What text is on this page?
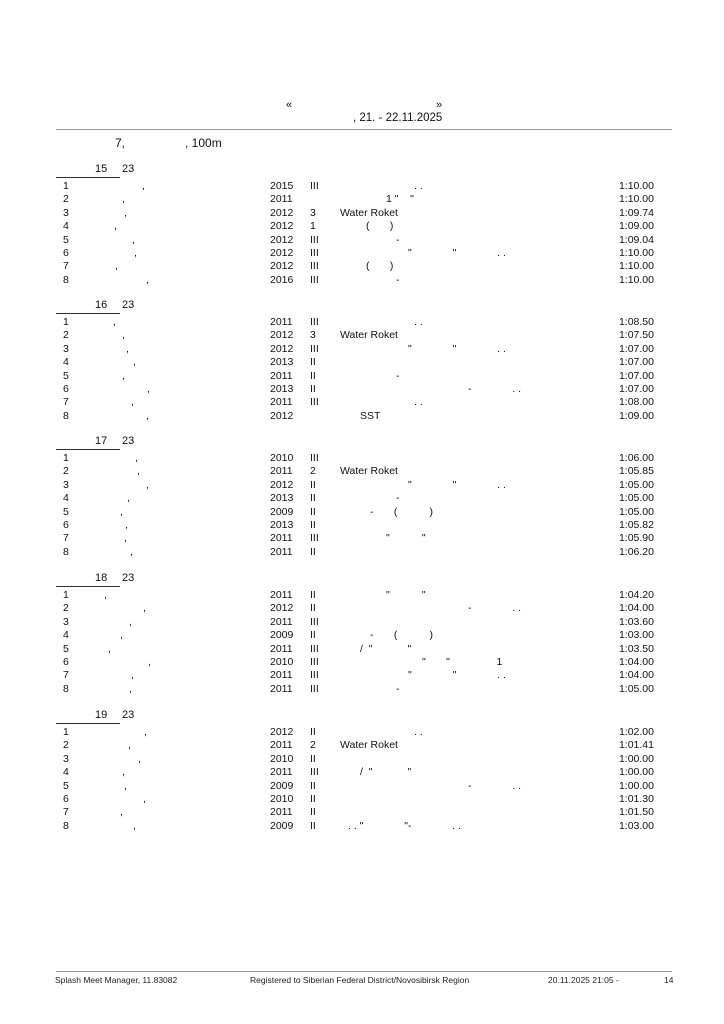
«	»
, 21. - 22.11.2025
7,	, 100m
15 23
1	,	2015 III	. .	1:10.00
2	,	2011	1 "    "	1:10.00
3	,	2012 3 Water Roket	1:09.74
4	,	2012 1	(       )	1:09.00
5	,	2012 III	-	1:09.04
6	,	2012 III	"              "              . .	1:10.00
7	,	2012 III	(       )	1:10.00
8	,	2016 III	-	1:10.00
16 23
1	,	2011 III	. .	1:08.50
2	,	2012 3 Water Roket	1:07.50
3	,	2012 III	"              "              . .	1:07.00
4	,	2013 II	1:07.00
5	,	2011 II	-	1:07.00
6	,	2013 II	-              . .	1:07.00
7	,	2011 III	. .	1:08.00
8	,	2012	SST	1:09.00
17 23
1	,	2010 III	1:06.00
2	,	2011 2 Water Roket	1:05.85
3	,	2012 II	"              "              . .	1:05.00
4	,	2013 II	-	1:05.00
5	,	2009 II	-       (           )	1:05.00
6	,	2013 II	1:05.82
7	,	2011 III	"           "	1:05.90
8	,	2011 II	1:06.20
18 23
1	,	2011 II	"           "	1:04.20
2	,	2012 II	-              . .	1:04.00
3	,	2011 III	1:03.60
4	,	2009 II	-       (           )	1:03.00
5	,	2011 III	/  "            "	1:03.50
6	,	2010 III	"       "                1	1:04.00
7	,	2011 III	"              "              . .	1:04.00
8	,	2011 III	-	1:05.00
19 23
1	,	2012 II	. .	1:02.00
2	,	2011 2 Water Roket	1:01.41
3	,	2010 II	1:00.00
4	,	2011 III	/  "            "	1:00.00
5	,	2009 II	-              . .	1:00.00
6	,	2010 II	1:01.30
7	,	2011 II	1:01.50
8	,	2009 II	. . "              "-              . .	1:03.00
Splash Meet Manager, 11.83082	Registered to Siberian Federal District/Novosibirsk Region	20.11.2025 21:05 -	14
